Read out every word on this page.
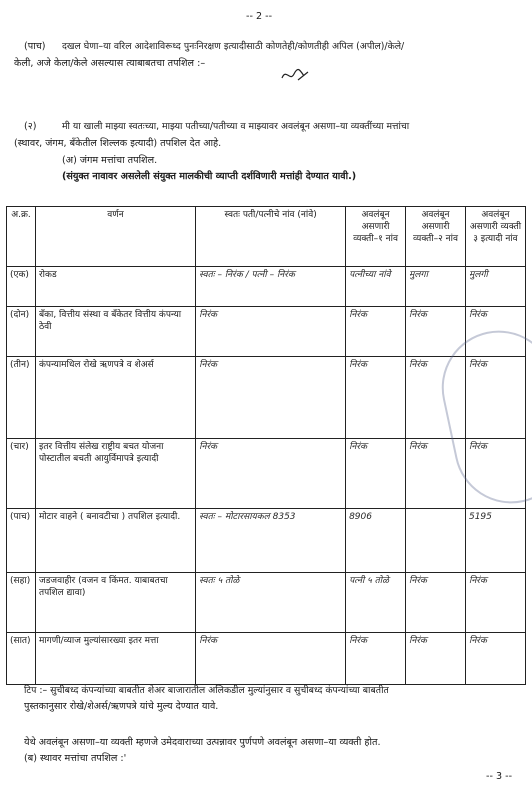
-- 2 --
(पाच) दखल घेणा–या वरिल आदेशाविरूध्द पुनःनिरक्षण इत्यादीसाठी कोणतेही/कोणतीही अपिल (अपील)/केले/
केली, अजे केला/केले असल्यास त्याबाबतचा तपशिल :–
(२)	मी या खाली माझ्या स्वतःच्या, माझ्या पतीच्या/पतीच्या व माझ्यावर अवलंबून असणा–या व्यक्तींच्या मत्तांचा
(स्थावर, जंगम, बँकेतील शिल्लक इत्यादी) तपशिल देत आहे.
(अ) जंगम मत्तांचा तपशिल.
(संयुक्त नावावर असलेली संयुक्त मालकीची व्याप्ती दर्शविणारी मत्तांही देण्यात यावी.)
अ.क्र.	वर्णन	स्वतः पती/पत्नीचे नांव (नांवे)	अवलंबून असणारी व्यक्ती–१ नांव	अवलंबून असणारी व्यक्ती–२ नांव	अवलंबून असणारी व्यक्ती ३ इत्यादी नांव
(एक)	रोकड	स्वतः – निरंक / पत्नी – निरंक	पत्नीच्या नांवे	मुलगा	मुलगी
(दोन)	बँका, वित्तीय संस्था व बँकेतर वित्तीय कंपन्या ठेवी	निरंक	निरंक	निरंक	निरंक
(तीन)	कंपन्यामधिल रोखे ऋणपत्रे व शेअर्स	निरंक	निरंक	निरंक	निरंक
(चार)	इतर वित्तीय संलेख राष्ट्रीय बचत योजना पोस्टातील बचती आयुर्विमापत्रे इत्यादी	निरंक	निरंक	निरंक	निरंक
(पाच)	मोटार वाहने ( बनावटीचा ) तपशिल इत्यादी.	स्वतः – मोटारसायकल 8353	8906		5195
(सहा)	जडजवाहीर (वजन व किंमत. याबाबतचा तपशिल द्यावा)	स्वतः ५ तोळे	पत्नी ५ तोळे	निरंक	निरंक
(सात)	मागणी/व्याज मुल्यांसारख्या इतर मत्ता	निरंक	निरंक	निरंक	निरंक
टिप :– सुचीबध्द कंपन्यांच्या बाबतीत शेअर बाजारातील अलिकडील मुल्यांनुसार व सुचीबध्द कंपन्यांच्या बाबतीत
पुस्तकानुसार रोखे/शेअर्स/ऋणपत्रे यांचे मुल्य देण्यात यावे.
येथे अवलंबून असणा–या व्यक्ती म्हणजे उमेदवाराच्या उत्पन्नावर पुर्णपणे अवलंबून असणा–या व्यक्ती होत.
(ब) स्थावर मत्तांचा तपशिल :'
-- 3 --
